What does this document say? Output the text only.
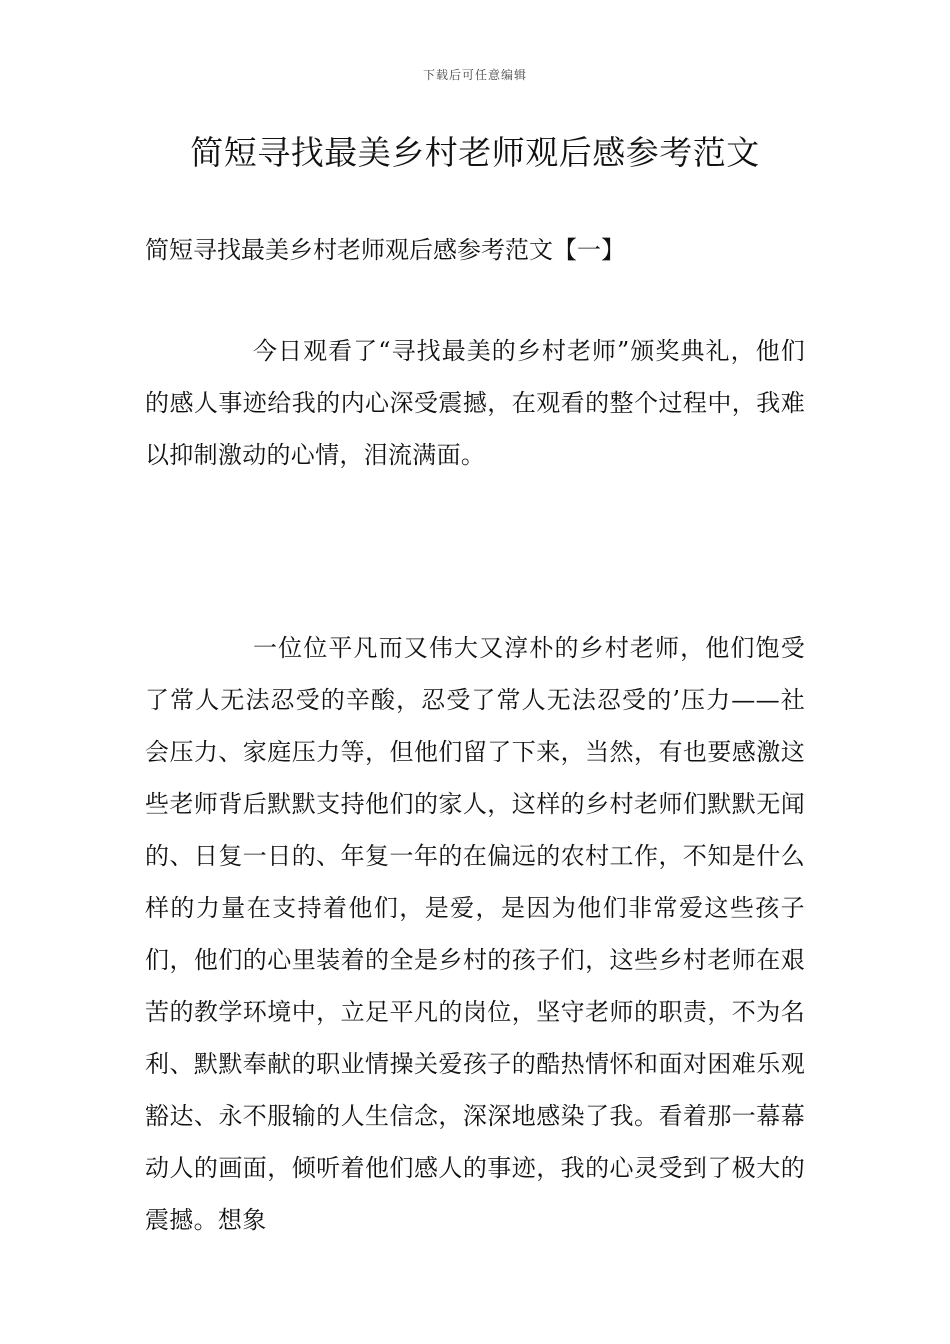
下载后可任意编辑
简短寻找最美乡村老师观后感参考范文
简短寻找最美乡村老师观后感参考范文【一】

今日观看了“寻找最美的乡村老师”颁奖典礼，他们的感人事迹给我的内心深受震撼，在观看的整个过程中，我难以抑制激动的心情，泪流满面。

一位位平凡而又伟大又淳朴的乡村老师，他们饱受了常人无法忍受的辛酸，忍受了常人无法忍受的’压力——社会压力、家庭压力等，但他们留了下来，当然，有也要感激这些老师背后默默支持他们的家人，这样的乡村老师们默默无闻的、日复一日的、年复一年的在偏远的农村工作，不知是什么样的力量在支持着他们，是爱，是因为他们非常爱这些孩子们，他们的心里装着的全是乡村的孩子们，这些乡村老师在艰苦的教学环境中，立足平凡的岗位，坚守老师的职责，不为名利、默默奉献的职业情操关爱孩子的酷热情怀和面对困难乐观豁达、永不服输的人生信念，深深地感染了我。看着那一幕幕动人的画面，倾听着他们感人的事迹，我的心灵受到了极大的震撼。想象
